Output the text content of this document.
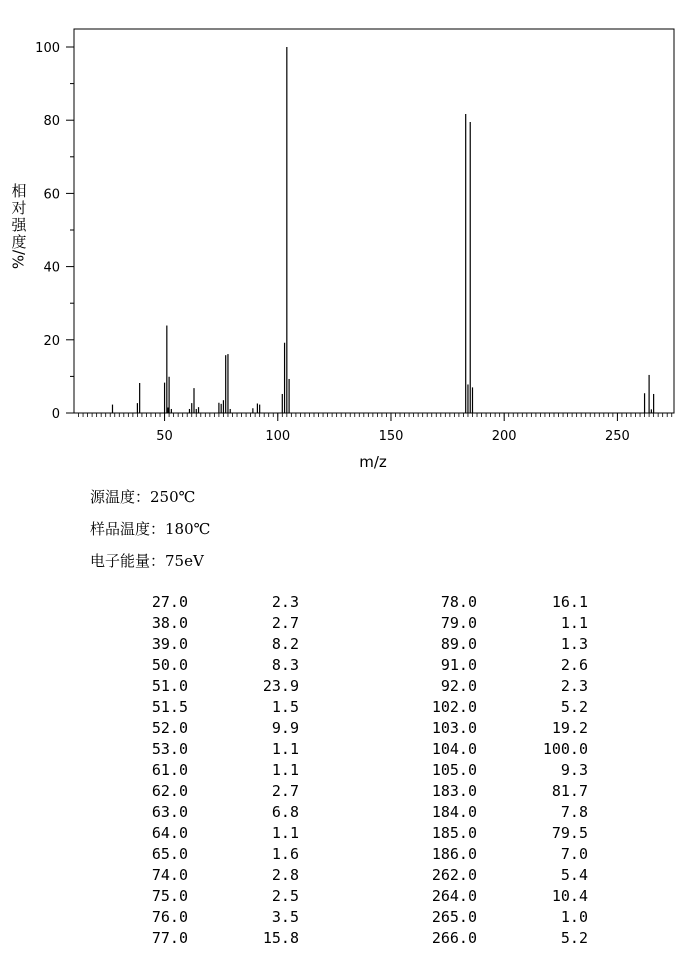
50	100	150	200	250
0
20
40
60
80
100
m/z
相
对
强
度
%/
源温度：250℃
样品温度：180℃
电子能量：75eV
27.0	2.3
38.0	2.7
39.0	8.2
50.0	8.3
51.0	23.9
51.5	1.5
52.0	9.9
53.0	1.1
61.0	1.1
62.0	2.7
63.0	6.8
64.0	1.1
65.0	1.6
74.0	2.8
75.0	2.5
76.0	3.5
77.0	15.8
78.0	16.1
79.0	1.1
89.0	1.3
91.0	2.6
92.0	2.3
102.0	5.2
103.0	19.2
104.0	100.0
105.0	9.3
183.0	81.7
184.0	7.8
185.0	79.5
186.0	7.0
262.0	5.4
264.0	10.4
265.0	1.0
266.0	5.2
